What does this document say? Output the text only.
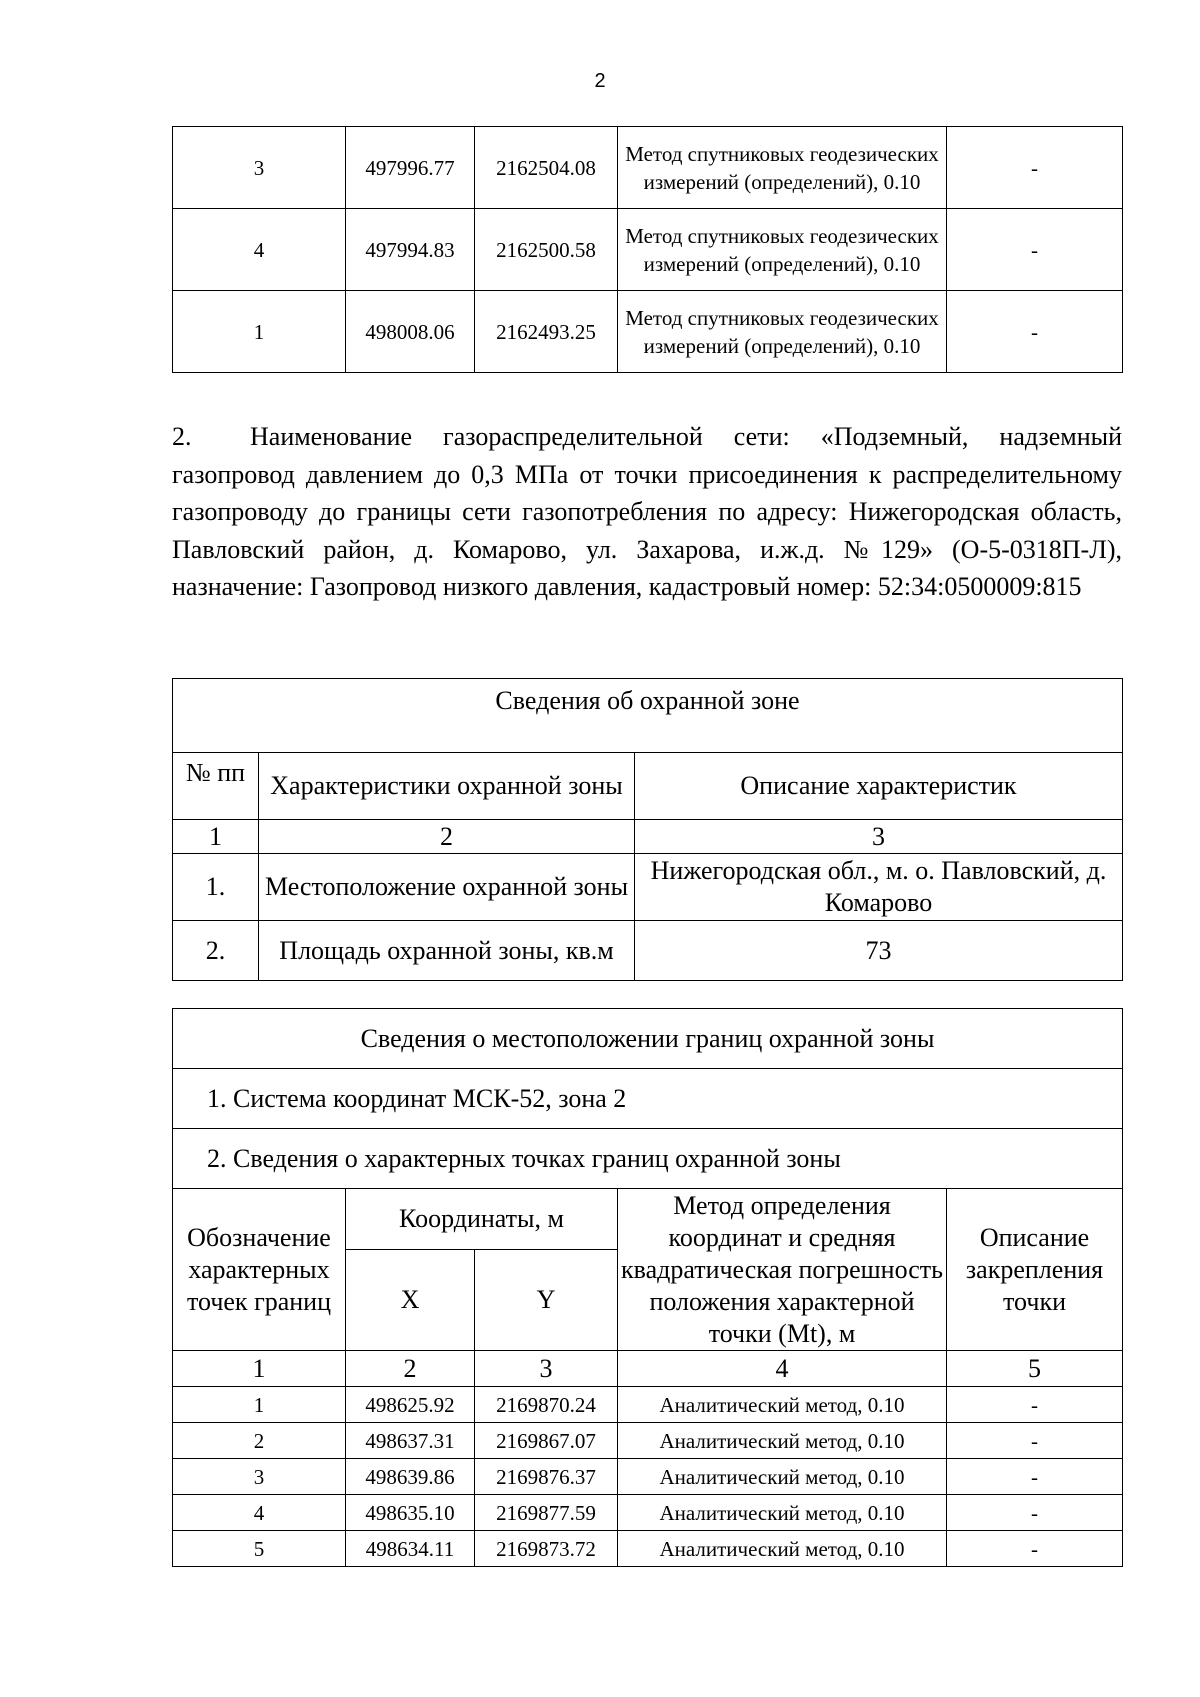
2
3	497996.77	2162504.08	Метод спутниковых геодезических измерений (определений), 0.10	-
4	497994.83	2162500.58	Метод спутниковых геодезических измерений (определений), 0.10	-
1	498008.06	2162493.25	Метод спутниковых геодезических измерений (определений), 0.10	-
2. Наименование газораспределительной сети: «Подземный, надземный газопровод давлением до 0,3 МПа от точки присоединения к распределительному газопроводу до границы сети газопотребления по адресу: Нижегородская область, Павловский район, д. Комарово, ул. Захарова, и.ж.д. №129» (О-5-0318П-Л), назначение: Газопровод низкого давления, кадастровый номер: 52:34:0500009:815
Сведения об охранной зоне		
№ пп	Характеристики охранной зоны	Описание характеристик
1	2	3
1.	Местоположение охранной зоны	Нижегородская обл., м. о. Павловский, д. Комарово
2.	Площадь охранной зоны, кв.м	73
Сведения о местоположении границ охранной зоны				
1. Система координат МСК-52, зона 2				
2. Сведения о характерных точках границ охранной зоны				
Обозначение характерных точек границ	Координаты, м		Метод определения координат и средняя квадратическая погрешность положения характерной точки (Mt), м	Описание закрепления точки
	X	Y		
1	2	3	4	5
1	498625.92	2169870.24	Аналитический метод, 0.10	-
2	498637.31	2169867.07	Аналитический метод, 0.10	-
3	498639.86	2169876.37	Аналитический метод, 0.10	-
4	498635.10	2169877.59	Аналитический метод, 0.10	-
5	498634.11	2169873.72	Аналитический метод, 0.10	-
